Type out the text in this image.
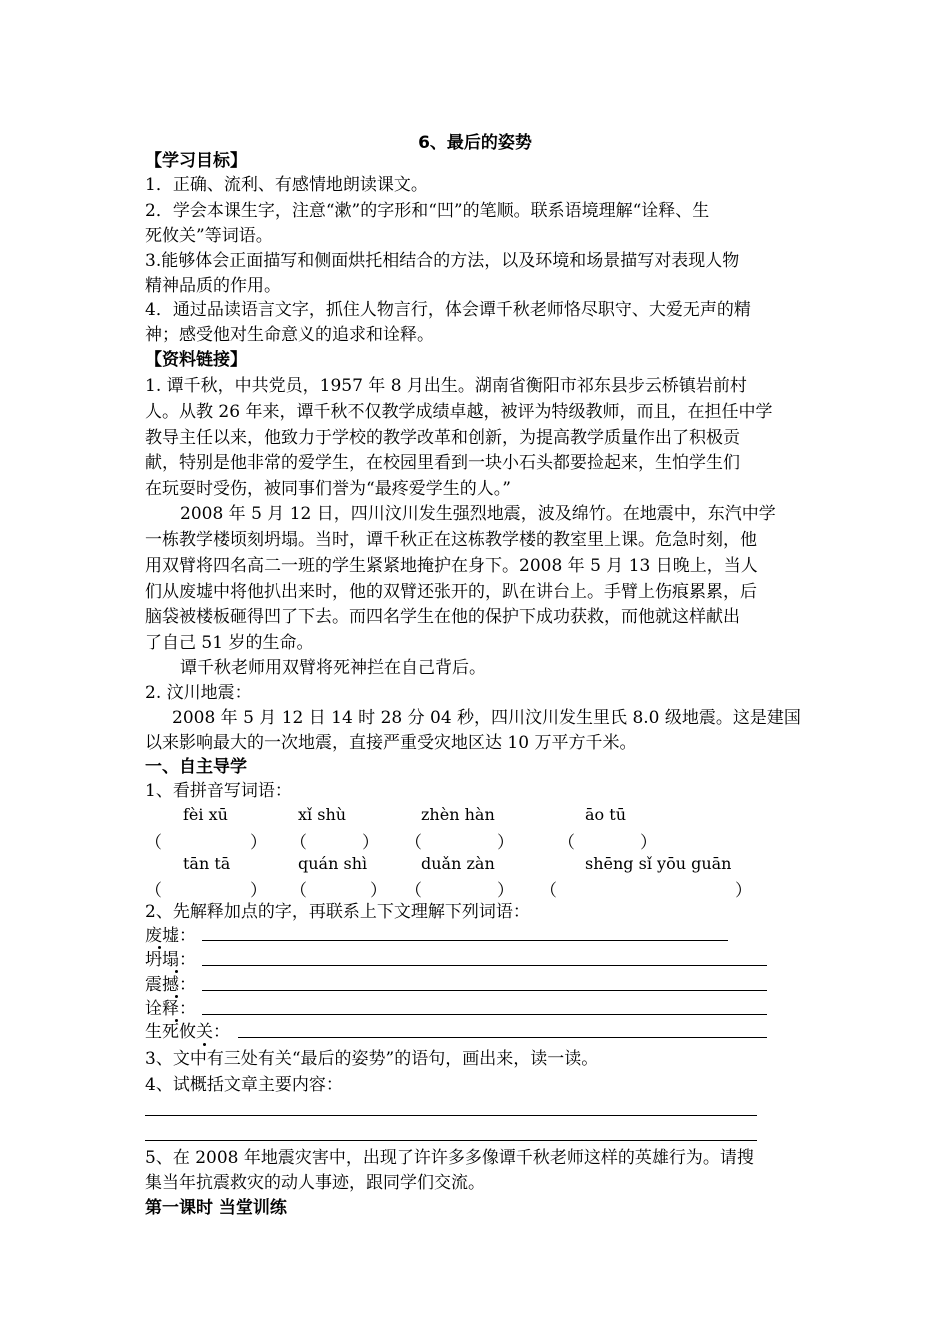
6、最后的姿势
【学习目标】
1．正确、流利、有感情地朗读课文。
2．学会本课生字，注意“漱”的字形和“凹”的笔顺。联系语境理解“诠释、生
死攸关”等词语。
3.能够体会正面描写和侧面烘托相结合的方法，以及环境和场景描写对表现人物
精神品质的作用。
4．通过品读语言文字，抓住人物言行，体会谭千秋老师恪尽职守、大爱无声的精
神；感受他对生命意义的追求和诠释。
【资料链接】
1. 谭千秋，中共党员，1957 年 8 月出生。湖南省衡阳市祁东县步云桥镇岩前村
人。从教 26 年来，谭千秋不仅教学成绩卓越，被评为特级教师，而且，在担任中学
教导主任以来，他致力于学校的教学改革和创新，为提高教学质量作出了积极贡
献，特别是他非常的爱学生，在校园里看到一块小石头都要捡起来，生怕学生们
在玩耍时受伤，被同事们誉为“最疼爱学生的人。”
2008 年 5 月 12 日，四川汶川发生强烈地震，波及绵竹。在地震中，东汽中学
一栋教学楼顷刻坍塌。当时，谭千秋正在这栋教学楼的教室里上课。危急时刻，他
用双臂将四名高二一班的学生紧紧地掩护在身下。2008 年 5 月 13 日晚上，当人
们从废墟中将他扒出来时，他的双臂还张开的，趴在讲台上。手臂上伤痕累累，后
脑袋被楼板砸得凹了下去。而四名学生在他的保护下成功获救，而他就这样献出
了自己 51 岁的生命。
谭千秋老师用双臂将死神拦在自己背后。
2. 汶川地震：
2008 年 5 月 12 日 14 时 28 分 04 秒，四川汶川发生里氏 8.0 级地震。这是建国
以来影响最大的一次地震，直接严重受灾地区达 10 万平方千米。
一、自主导学
1、看拼音写词语：
fèi xū	xǐ shù	zhèn hàn	āo tū
（	） （	） （	）	（	）
tān tā	quán shì	duǎn zàn	shēng sǐ yōu guān
（	） （	） （	） （	）
2、先解释加点的字，再联系上下文理解下列词语：
废墟：
坍塌：
震撼：
诠释：
生死攸关：
3、文中有三处有关“最后的姿势”的语句，画出来，读一读。
4、试概括文章主要内容：
5、在 2008 年地震灾害中，出现了许许多多像谭千秋老师这样的英雄行为。请搜
集当年抗震救灾的动人事迹，跟同学们交流。
第一课时 当堂训练
